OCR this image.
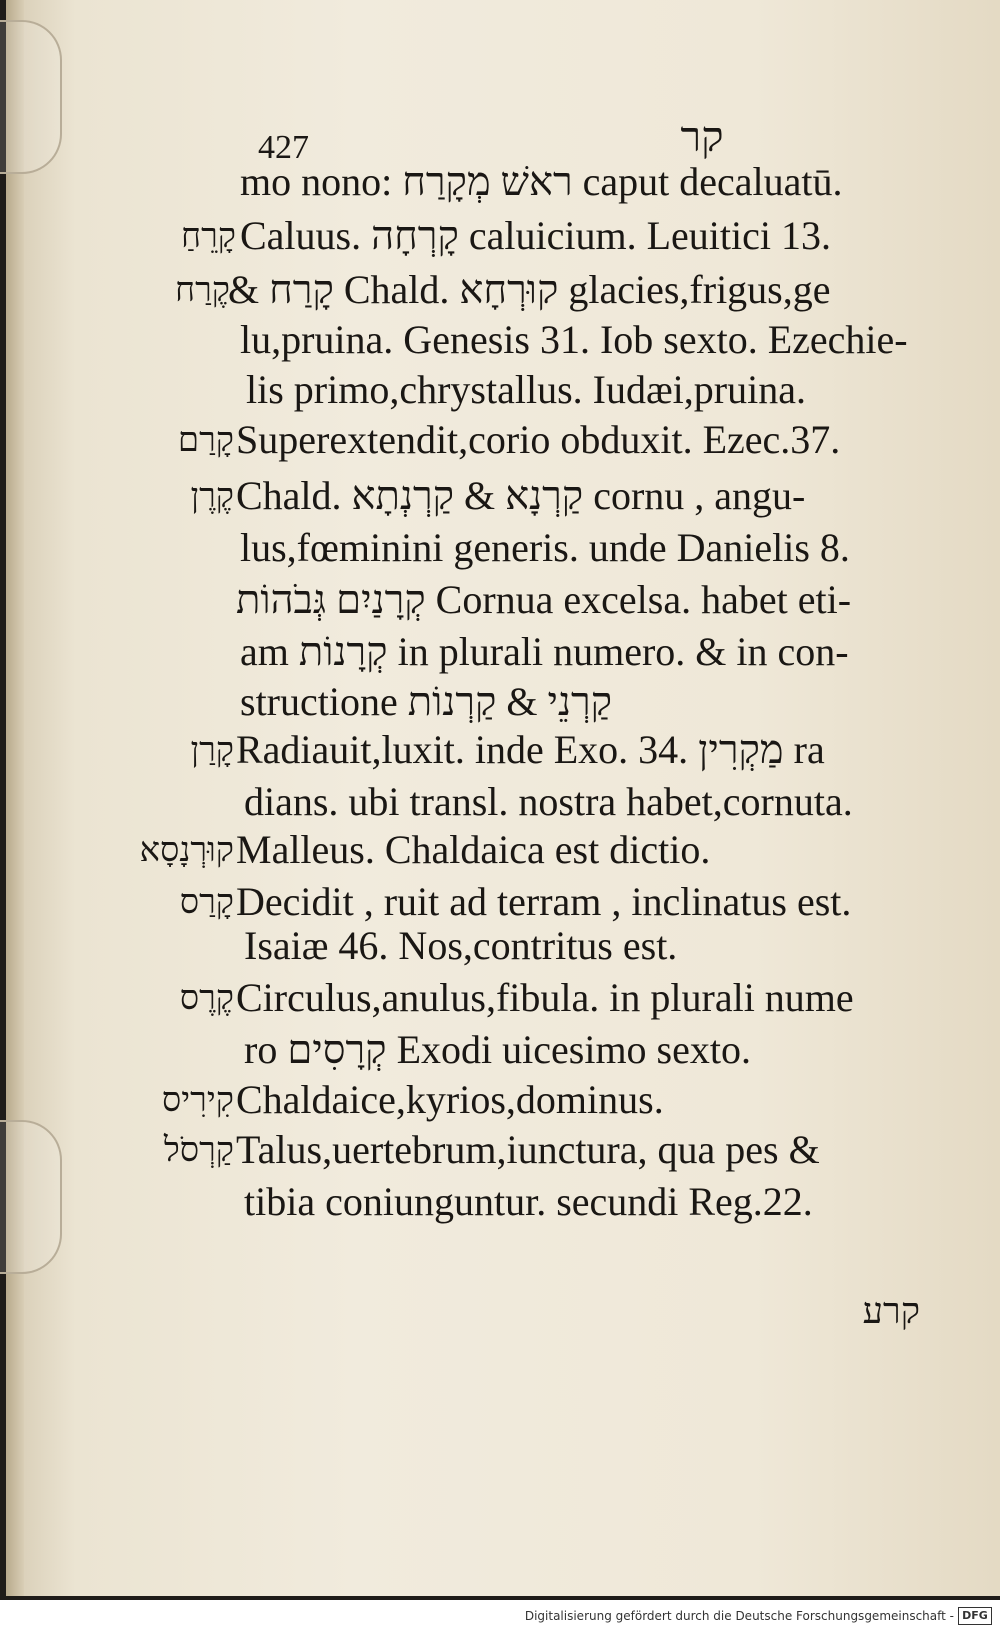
427	קר
mo nono: ראשׁ מְקָרַח caput decaluatū.
קָרֵחַ Caluus. קָרְחָה caluicium. Leuitici 13.
קֶרַח
& קָרַח Chald. קוּרְחָא glacies,frigus,ge
lu,pruina. Genesis 31. Iob sexto. Ezechie-
lis primo,chrystallus. Iudæi,pruina.
קָרַם Superextendit,corio obduxit. Ezec.37.
קֶרֶן Chald. קַרְנָא & קַרְנְתָא cornu , angu-
lus,fœminini generis. unde Danielis 8.
קְרָנַיִם גְּבֹהוֹת Cornua excelsa. habet eti-
am קְרָנוֹת in plurali numero. & in con-
structione קַרְנֵי & קַרְנוֹת
קָרַן Radiauit,luxit. inde Exo. 34. מַקְרִין ra
dians. ubi transl. nostra habet,cornuta.
קוּרְנָסָא Malleus. Chaldaica est dictio.
קָרַס Decidit , ruit ad terram , inclinatus est.
Isaiæ 46. Nos,contritus est.
קֶרֶס Circulus,anulus,fibula. in plurali nume
ro קְרָסִים Exodi uicesimo sexto.
קִירִיס Chaldaice,kyrios,dominus.
קַרְסֹל Talus,uertebrum,iunctura, qua pes &
tibia coniunguntur. secundi Reg.22.
קרע
Digitalisierung gefördert durch die Deutsche Forschungsgemeinschaft - DFG
